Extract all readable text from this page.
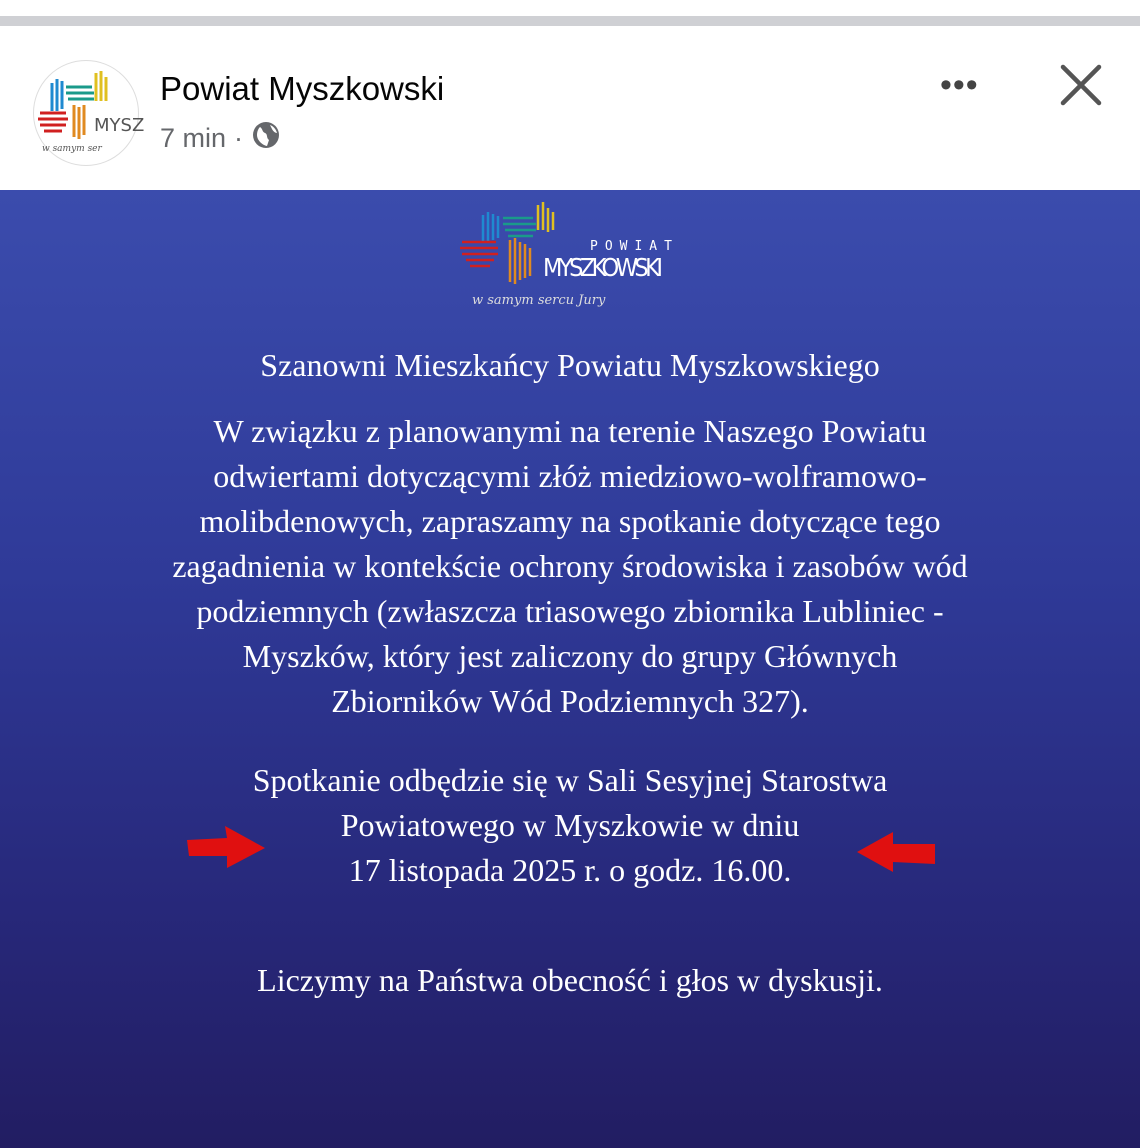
MYSZ
w samym ser
Powiat Myszkowski
7 min ·
•••
POWIAT
MYSZKOWSKI
w samym sercu Jury
Szanowni Mieszkańcy Powiatu Myszkowskiego
W związku z planowanymi na terenie Naszego Powiatu
odwiertami dotyczącymi złóż miedziowo-wolframowo-
molibdenowych, zapraszamy na spotkanie dotyczące tego
zagadnienia w kontekście ochrony środowiska i zasobów wód
podziemnych (zwłaszcza triasowego zbiornika Lubliniec -
Myszków, który jest zaliczony do grupy Głównych
Zbiorników Wód Podziemnych 327).
Spotkanie odbędzie się w Sali Sesyjnej Starostwa
Powiatowego w Myszkowie w dniu
17 listopada 2025 r. o godz. 16.00.
Liczymy na Państwa obecność i głos w dyskusji.
